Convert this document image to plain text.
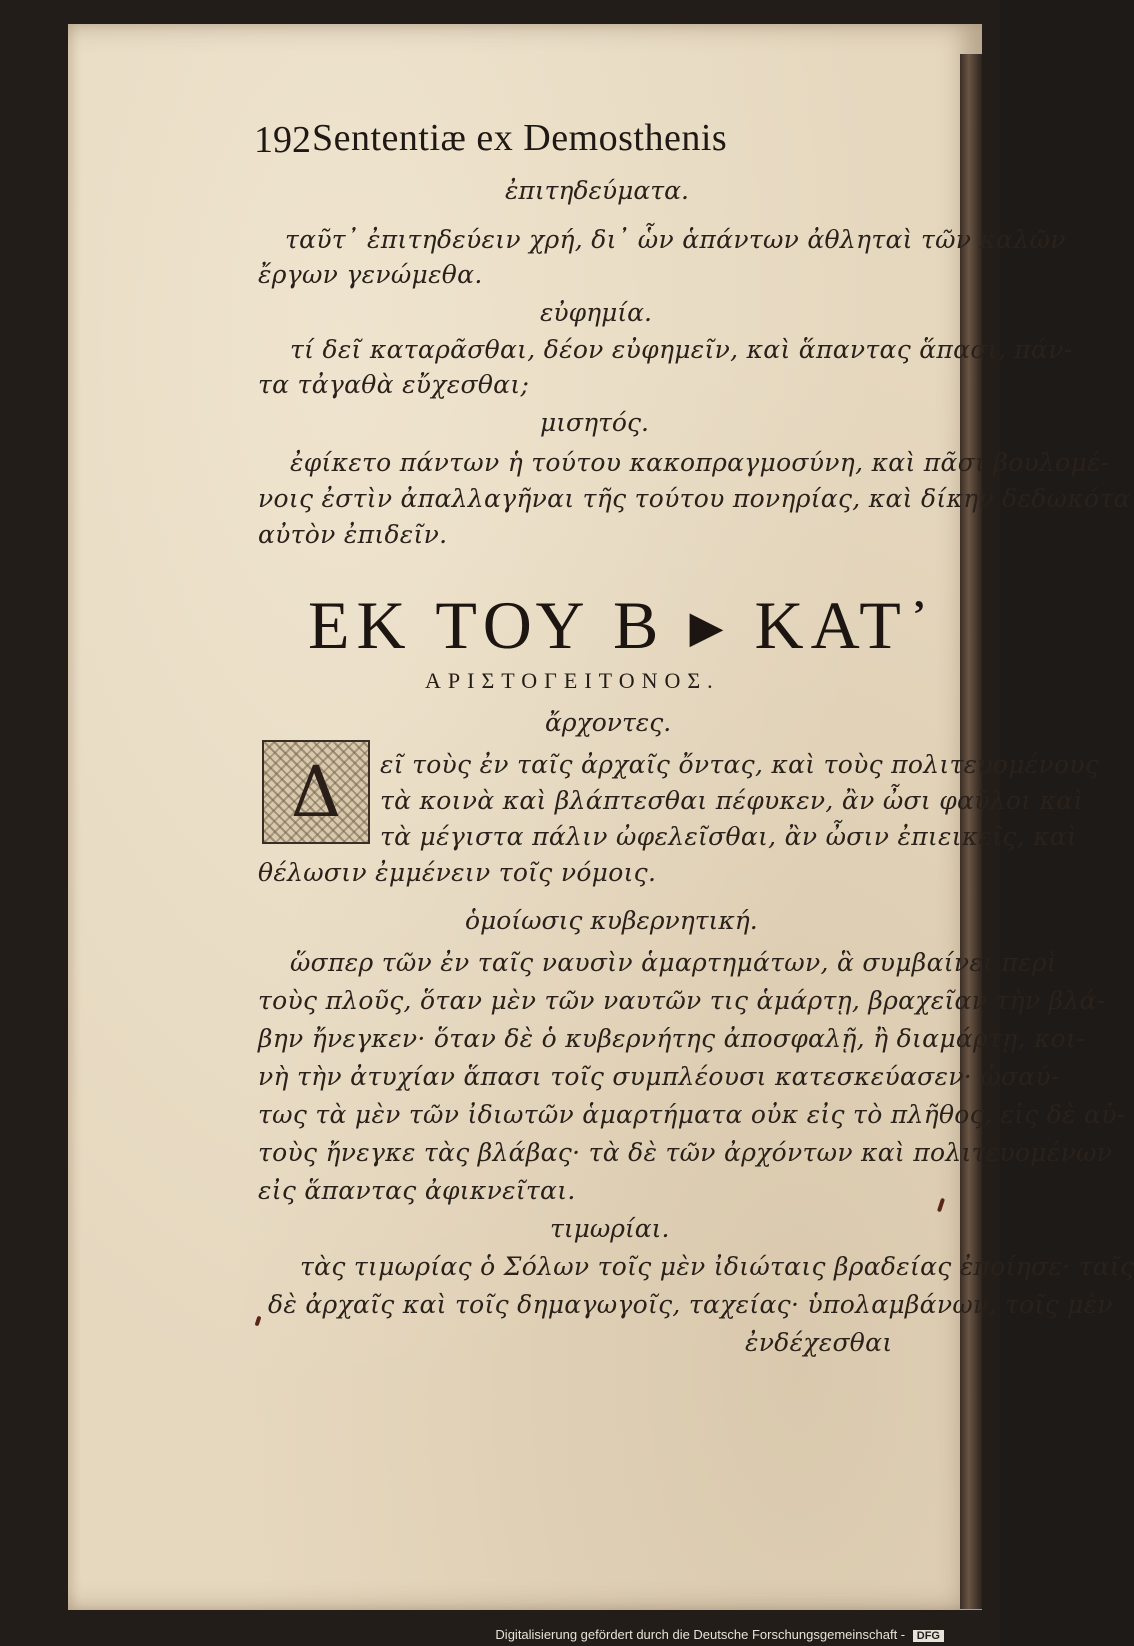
192 Sententiæ ex Demosthenis
ἐπιτηδεύματα.
ταῦτ᾽ ἐπιτηδεύειν χρή, δι᾽ ὧν ἁπάντων ἀθληταὶ τῶν καλῶν
ἔργων γενώμεθα.
εὐφημία.
τί δεῖ καταρᾶσθαι, δέον εὐφημεῖν, καὶ ἅπαντας ἅπασι, πάν-
τα τἀγαθὰ εὔχεσθαι;
μισητός.
ἐφίκετο πάντων ἡ τούτου κακοπραγμοσύνη, καὶ πᾶσι βουλομέ-
νοις ἐστὶν ἀπαλλαγῆναι τῆς τούτου πονηρίας, καὶ δίκην δεδωκότα
αὐτὸν ἐπιδεῖν.
ΕΚ ΤΟΥ Β ▸ ΚΑΤ᾽
ΑΡΙΣΤΟΓΕΙΤΟΝΟΣ.
ἄρχοντες.
Δ	εῖ τοὺς ἐν ταῖς ἀρχαῖς ὄντας, καὶ τοὺς πολιτευομένους
τὰ κοινὰ καὶ βλάπτεσθαι πέφυκεν, ἂν ὦσι φαῦλοι καὶ
τὰ μέγιστα πάλιν ὠφελεῖσθαι, ἂν ὦσιν ἐπιεικεῖς, καὶ
θέλωσιν ἐμμένειν τοῖς νόμοις.
ὁμοίωσις κυβερνητική.
ὥσπερ τῶν ἐν ταῖς ναυσὶν ἁμαρτημάτων, ἃ συμβαίνει περὶ
τοὺς πλοῦς, ὅταν μὲν τῶν ναυτῶν τις ἁμάρτῃ, βραχεῖαν τὴν βλά-
βην ἤνεγκεν· ὅταν δὲ ὁ κυβερνήτης ἀποσφαλῇ, ἢ διαμάρτῃ, κοι-
νὴ τὴν ἀτυχίαν ἅπασι τοῖς συμπλέουσι κατεσκεύασεν· ὡσαύ-
τως τὰ μὲν τῶν ἰδιωτῶν ἁμαρτήματα οὐκ εἰς τὸ πλῆθος, εἰς δὲ αὐ-
τοὺς ἤνεγκε τὰς βλάβας· τὰ δὲ τῶν ἀρχόντων καὶ πολιτευομένων
εἰς ἅπαντας ἀφικνεῖται.
τιμωρίαι.
τὰς τιμωρίας ὁ Σόλων τοῖς μὲν ἰδιώταις βραδείας ἐποίησε· ταῖς
δὲ ἀρχαῖς καὶ τοῖς δημαγωγοῖς, ταχείας· ὑπολαμβάνων, τοῖς μὲν
ἐνδέχεσθαι
Digitalisierung gefördert durch die Deutsche Forschungsgemeinschaft - DFG
